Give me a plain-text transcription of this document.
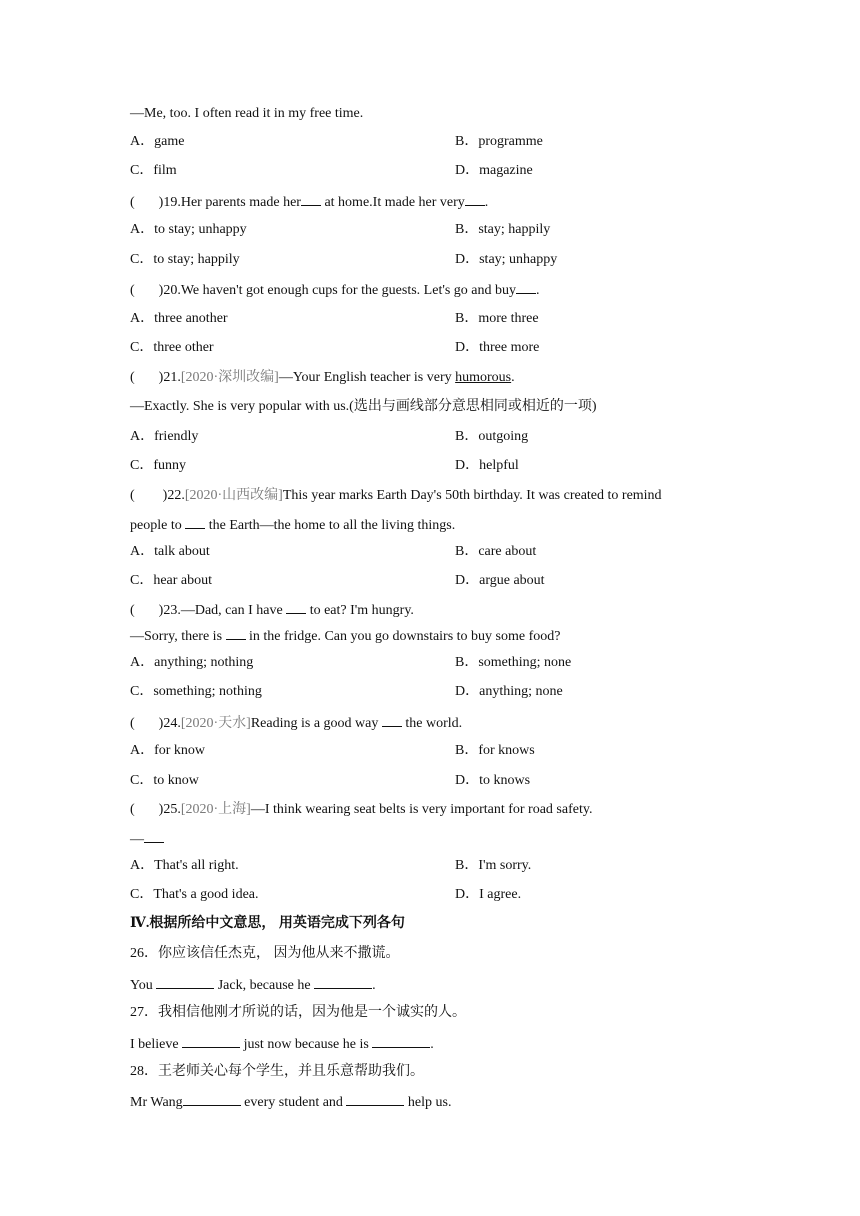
—Me, too. I often read it in my free time.
A．game	B．programme
C．film	D．magazine
( )19.Her parents made her at home.It made her very .
A．to stay; unhappy	B．stay; happily
C．to stay; happily	D．stay; unhappy
( )20.We haven't got enough cups for the guests. Let's go and buy .
A．three another	B．more three
C．three other	D．three more
( )21.[2020·深圳改编]—Your English teacher is very humorous.
—Exactly. She is very popular with us.(选出与画线部分意思相同或相近的一项)
A．friendly	B．outgoing
C．funny	D．helpful
( )22.[2020·山西改编]This year marks Earth Day's 50th birthday. It was created to remind
people to  the Earth—the home to all the living things.
A．talk about	B．care about
C．hear about	D．argue about
( )23.—Dad, can I have  to eat? I'm hungry.
—Sorry, there is  in the fridge. Can you go downstairs to buy some food?
A．anything; nothing	B．something; none
C．something; nothing	D．anything; none
( )24.[2020·天水]Reading is a good way  the world.
A．for know	B．for knows
C．to know	D．to knows
( )25.[2020·上海]—I think wearing seat belts is very important for road safety.
—
A．That's all right.	B．I'm sorry.
C．That's a good idea.	D．I agree.
Ⅳ.根据所给中文意思， 用英语完成下列各句
26．你应该信任杰克， 因为他从来不撒谎。
You	Jack, because he	.
27．我相信他刚才所说的话，因为他是一个诚实的人。
I believe	just now because he is	.
28．王老师关心每个学生，并且乐意帮助我们。
Mr Wang	every student and	help us.
